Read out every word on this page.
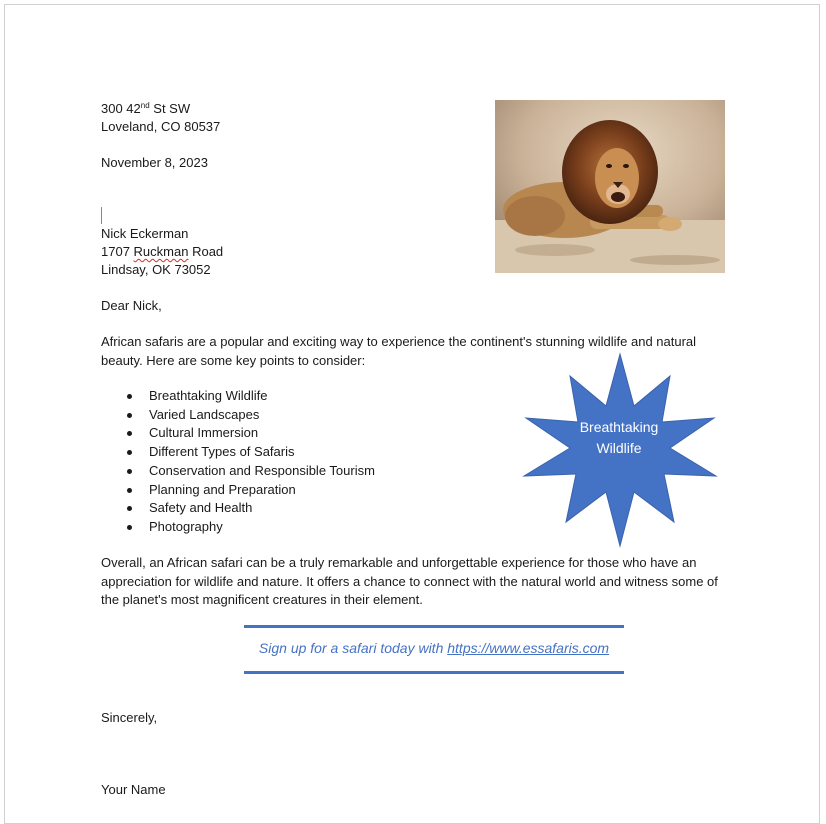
300 42nd St SW
Loveland, CO 80537
November 8, 2023
Nick Eckerman
1707 Ruckman Road
Lindsay, OK 73052
Dear Nick,
African safaris are a popular and exciting way to experience the continent's stunning wildlife and natural beauty. Here are some key points to consider:
Breathtaking Wildlife
Varied Landscapes
Cultural Immersion
Different Types of Safaris
Conservation and Responsible Tourism
Planning and Preparation
Safety and Health
Photography
Breathtaking
Wildlife
Overall, an African safari can be a truly remarkable and unforgettable experience for those who have an appreciation for wildlife and nature. It offers a chance to connect with the natural world and witness some of the planet's most magnificent creatures in their element.
Sign up for a safari today with https://www.essafaris.com
Sincerely,
Your Name
